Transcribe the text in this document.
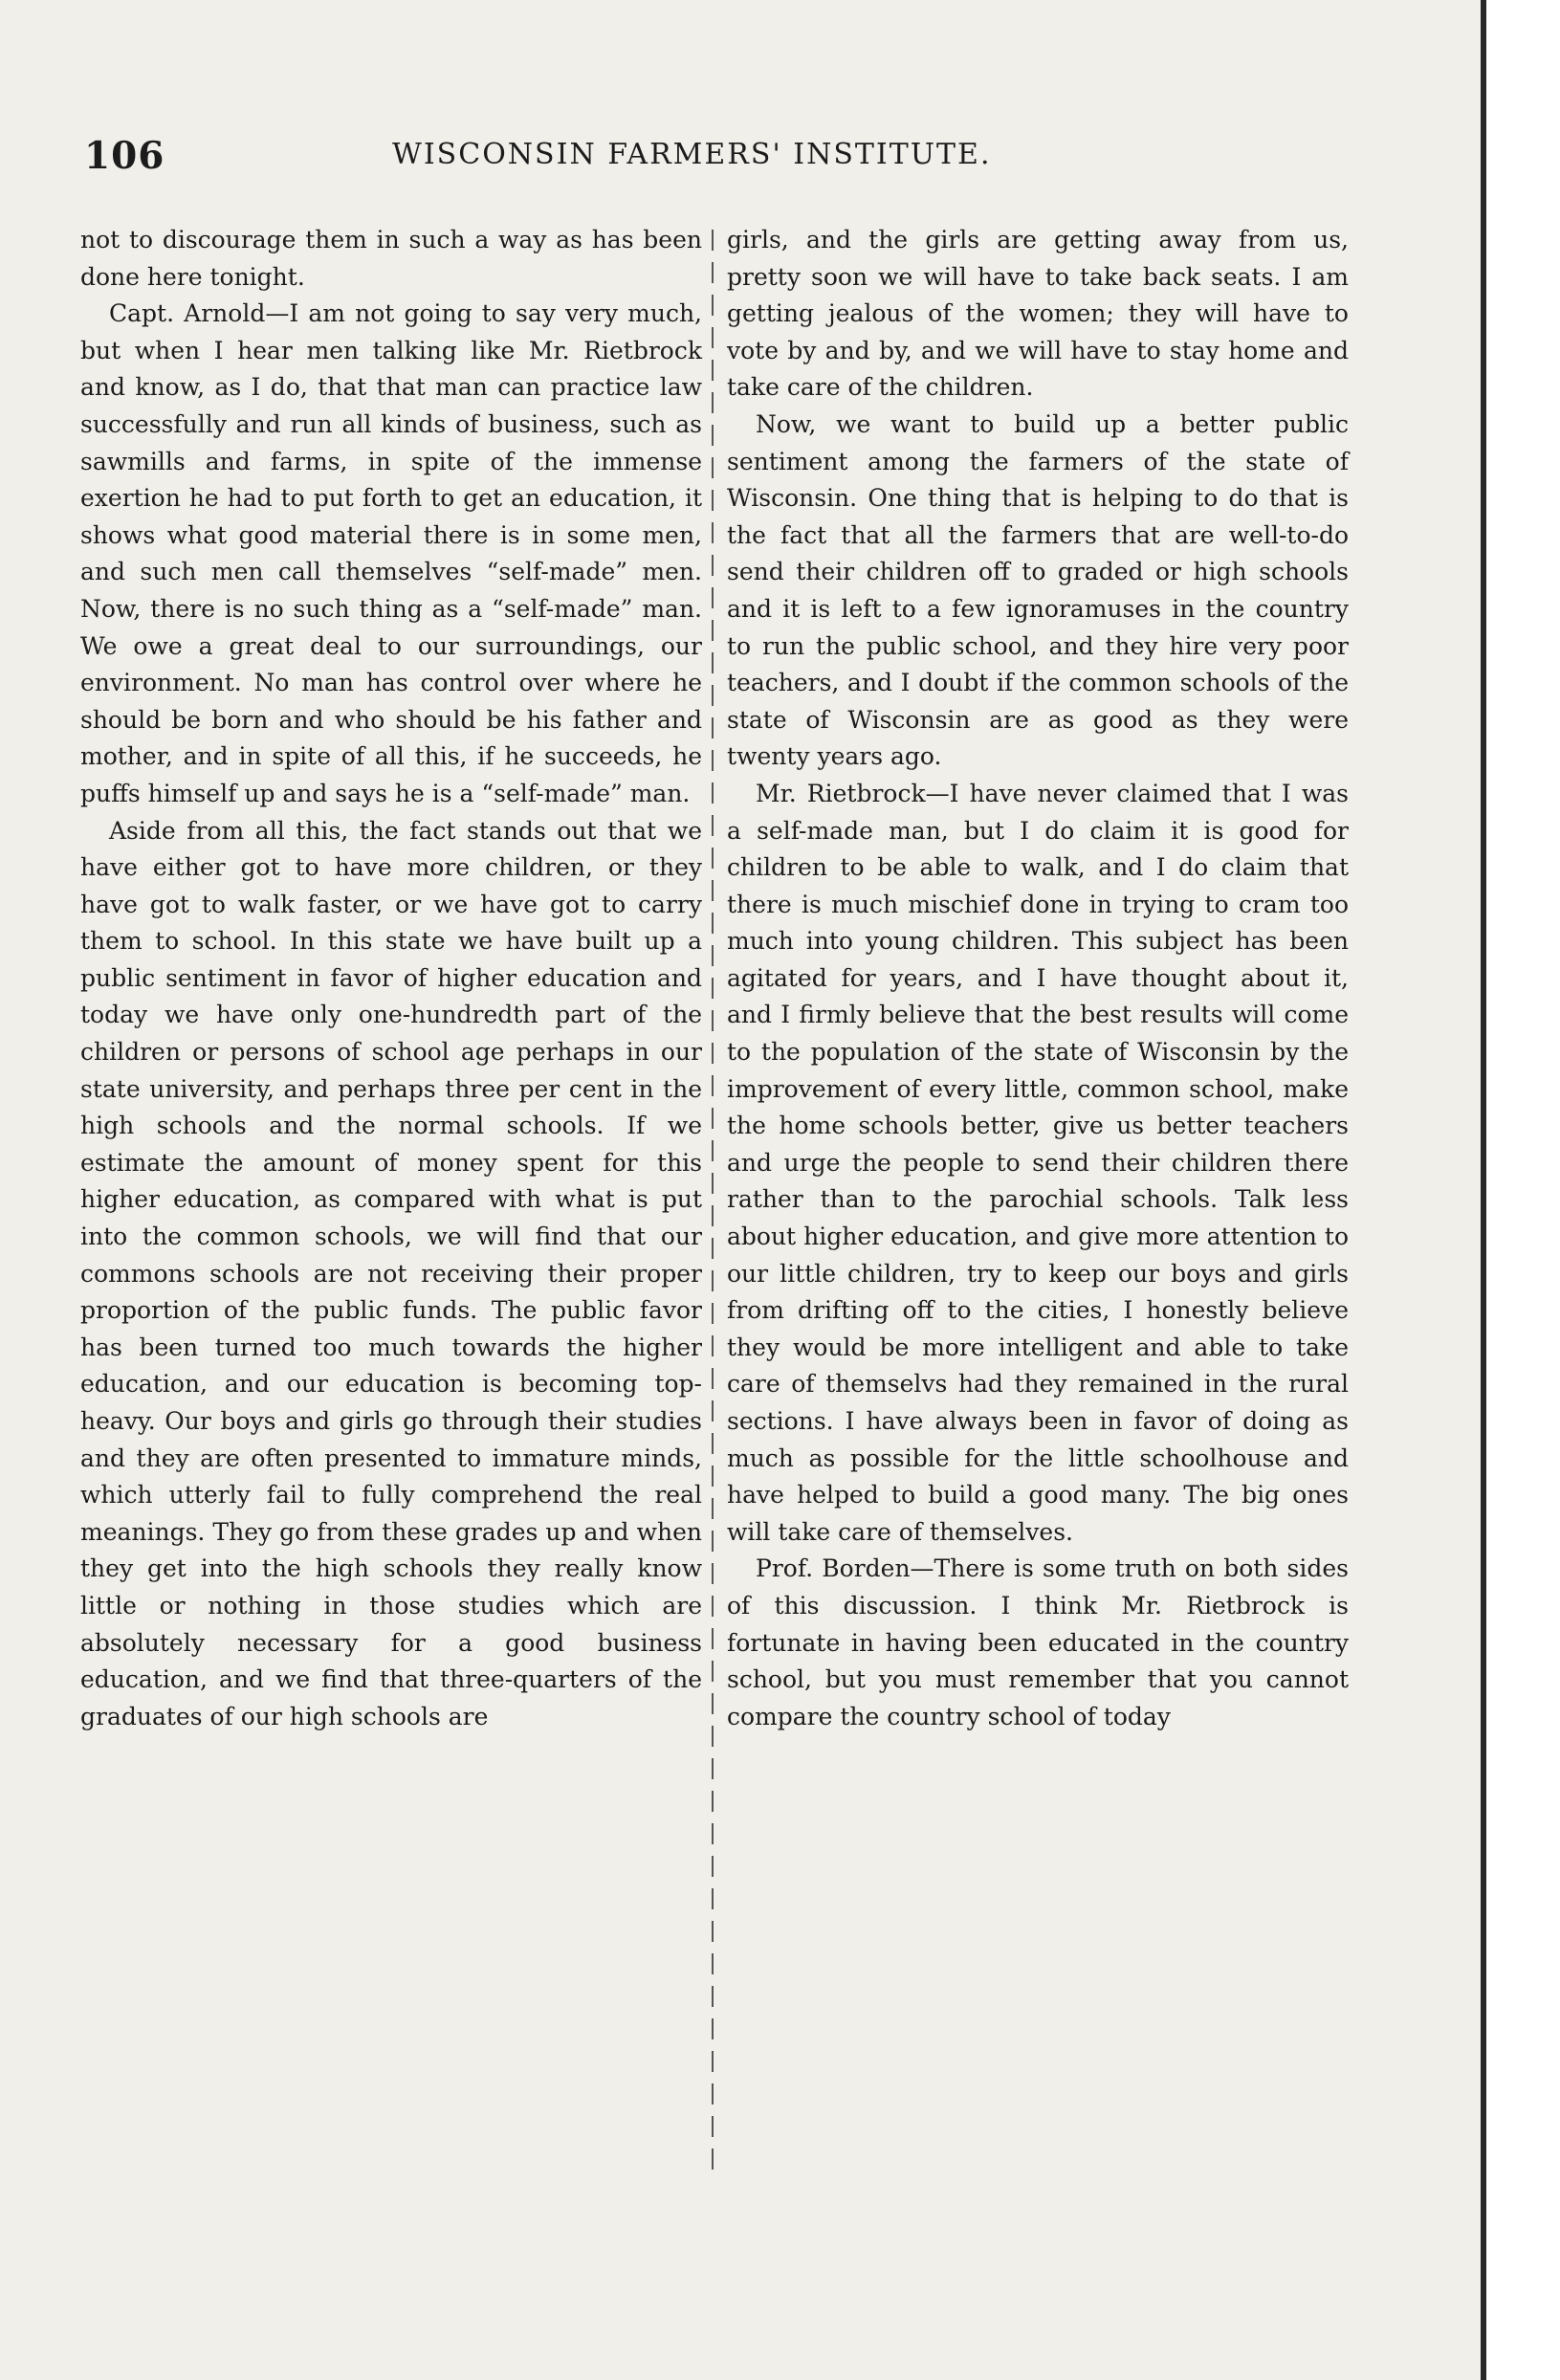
106	WISCONSIN FARMERS' INSTITUTE.

not to discourage them in such a way as has been done here tonight.

Capt. Arnold—I am not going to say very much, but when I hear men talking like Mr. Rietbrock and know, as I do, that that man can practice law successfully and run all kinds of business, such as sawmills and farms, in spite of the immense exertion he had to put forth to get an education, it shows what good material there is in some men, and such men call themselves “self-made” men. Now, there is no such thing as a “self-made” man. We owe a great deal to our surroundings, our environment. No man has control over where he should be born and who should be his father and mother, and in spite of all this, if he succeeds, he puffs himself up and says he is a “self-made” man.

Aside from all this, the fact stands out that we have either got to have more children, or they have got to walk faster, or we have got to carry them to school. In this state we have built up a public sentiment in favor of higher education and today we have only one-hundredth part of the children or persons of school age perhaps in our state university, and perhaps three per cent in the high schools and the normal schools. If we estimate the amount of money spent for this higher education, as compared with what is put into the common schools, we will find that our commons schools are not receiving their proper proportion of the public funds. The public favor has been turned too much towards the higher education, and our education is becoming top-heavy. Our boys and girls go through their studies and they are often presented to immature minds, which utterly fail to fully comprehend the real meanings. They go from these grades up and when they get into the high schools they really know little or nothing in those studies which are absolutely necessary for a good business education, and we find that three-quarters of the graduates of our high schools are

girls, and the girls are getting away from us, pretty soon we will have to take back seats. I am getting jealous of the women; they will have to vote by and by, and we will have to stay home and take care of the children.

Now, we want to build up a better public sentiment among the farmers of the state of Wisconsin. One thing that is helping to do that is the fact that all the farmers that are well-to-do send their children off to graded or high schools and it is left to a few ignoramuses in the country to run the public school, and they hire very poor teachers, and I doubt if the common schools of the state of Wisconsin are as good as they were twenty years ago.

Mr. Rietbrock—I have never claimed that I was a self-made man, but I do claim it is good for children to be able to walk, and I do claim that there is much mischief done in trying to cram too much into young children. This subject has been agitated for years, and I have thought about it, and I firmly believe that the best results will come to the population of the state of Wisconsin by the improvement of every little, common school, make the home schools better, give us better teachers and urge the people to send their children there rather than to the parochial schools. Talk less about higher education, and give more attention to our little children, try to keep our boys and girls from drifting off to the cities, I honestly believe they would be more intelligent and able to take care of themselvs had they remained in the rural sections. I have always been in favor of doing as much as possible for the little schoolhouse and have helped to build a good many. The big ones will take care of themselves.

Prof. Borden—There is some truth on both sides of this discussion. I think Mr. Rietbrock is fortunate in having been educated in the country school, but you must remember that you cannot compare the country school of today
